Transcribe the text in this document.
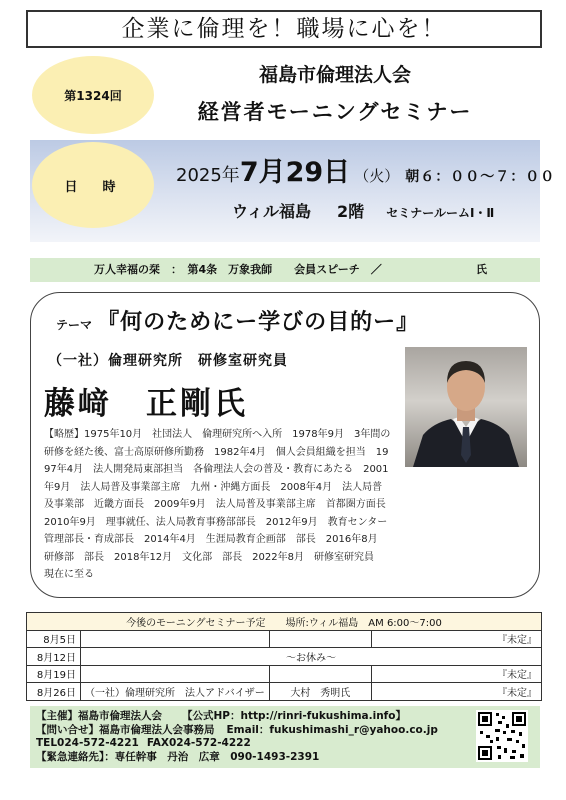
企業に倫理を！職場に心を！
第1324回
福島市倫理法人会
経営者モーニングセミナー
日　時
2025年7月29日 （火） 朝６：００～７：００
ウィル福島 2階 セミナールームⅠ・Ⅱ
万人幸福の栞　：　第4条　万象我師　　会員スピーチ　／	氏
テーマ 『何のためにー学びの目的ー』
（一社）倫理研究所　研修室研究員
藤﨑　正剛氏
【略歴】1975年10月　社団法人　倫理研究所へ入所　1978年9月　3年間の研修を経た後、富士高原研修所勤務　1982年4月　個人会員組織を担当　1997年4月　法人開発局東部担当　各倫理法人会の普及・教育にあたる　2001年9月　法人局普及事業部主席　九州・沖縄方面長　2008年4月　法人局普及事業部　近畿方面長　2009年9月　法人局普及事業部主席　首都圏方面長　2010年9月　理事就任、法人局教育事務部部長　2012年9月　教育センター管理部長・育成部長　2014年4月　生涯局教育企画部　部長　2016年8月　研修部　部長　2018年12月　文化部　部長　2022年8月　研修室研究員　現在に至る
今後のモーニングセミナー予定　　場所:ウィル福島　AM 6:00～7:00			
8月5日			『未定』
8月12日	～お休み～		
8月19日			『未定』
8月26日	（一社）倫理研究所　法人アドバイザー	大村　秀明氏	『未定』
【主催】福島市倫理法人会 【公式HP：http://rinri-fukushima.info】
【問い合せ】福島市倫理法人会事務局 Email：fukushimashi_r@yahoo.co.jp
TEL024-572-4221 FAX024-572-4222
【緊急連絡先】：専任幹事　丹治　広章　090-1493-2391
